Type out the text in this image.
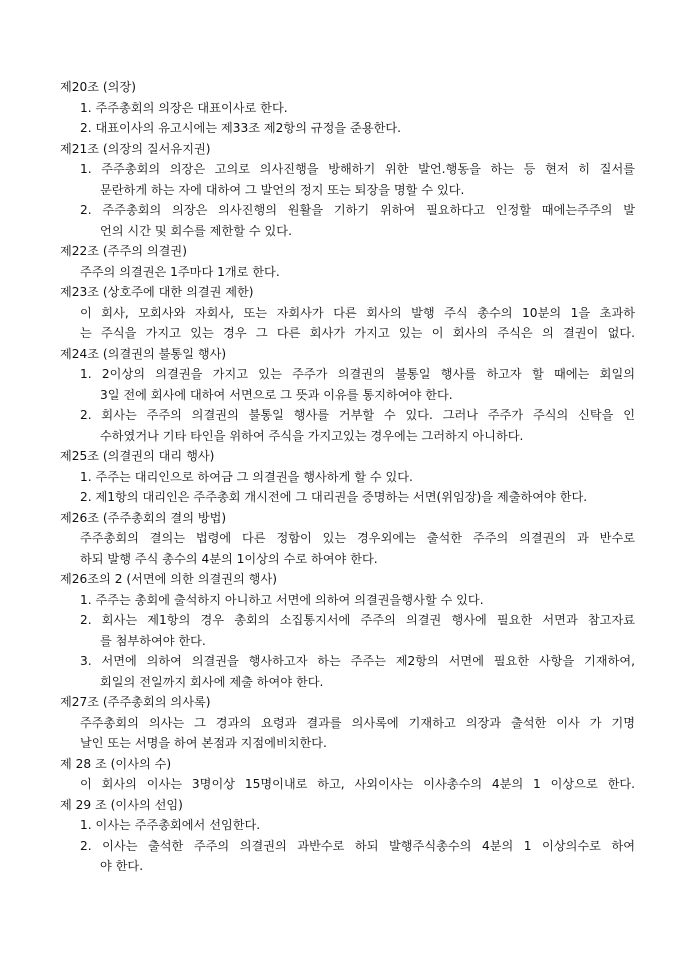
제20조 (의장)
1. 주주총회의 의장은 대표이사로 한다.
2. 대표이사의 유고시에는 제33조 제2항의 규정을 준용한다.
제21조 (의장의 질서유지권)
1. 주주총회의 의장은 고의로 의사진행을 방해하기 위한 발언.행동을 하는 등 현저 히 질서를
문란하게 하는 자에 대하여 그 발언의 정지 또는 퇴장을 명할 수 있다.
2. 주주총회의 의장은 의사진행의 원활을 기하기 위하여 필요하다고 인정할 때에는주주의 발
언의 시간 및 회수를 제한할 수 있다.
제22조 (주주의 의결권)
주주의 의결권은 1주마다 1개로 한다.
제23조 (상호주에 대한 의결권 제한)
이 회사, 모회사와 자회사, 또는 자회사가 다른 회사의 발행 주식 총수의 10분의 1을 초과하
는 주식을 가지고 있는 경우 그 다른 회사가 가지고 있는 이 회사의 주식은 의 결권이 없다.
제24조 (의결권의 불통일 행사)
1. 2이상의 의결권을 가지고 있는 주주가 의결권의 불통일 행사를 하고자 할 때에는 회일의
3일 전에 회사에 대하여 서면으로 그 뜻과 이유를 통지하여야 한다.
2. 회사는 주주의 의결권의 불통일 행사를 거부할 수 있다. 그러나 주주가 주식의 신탁을 인
수하였거나 기타 타인을 위하여 주식을 가지고있는 경우에는 그러하지 아니하다.
제25조 (의결권의 대리 행사)
1. 주주는 대리인으로 하여금 그 의결권을 행사하게 할 수 있다.
2. 제1항의 대리인은 주주총회 개시전에 그 대리권을 증명하는 서면(위임장)을 제출하여야 한다.
제26조 (주주총회의 결의 방법)
주주총회의 결의는 법령에 다른 정함이 있는 경우외에는 출석한 주주의 의결권의 과 반수로
하되 발행 주식 총수의 4분의 1이상의 수로 하여야 한다.
제26조의 2 (서면에 의한 의결권의 행사)
1. 주주는 총회에 출석하지 아니하고 서면에 의하여 의결권을행사할 수 있다.
2. 회사는 제1항의 경우 총회의 소집통지서에 주주의 의결권 행사에 필요한 서면과 참고자료
를 첨부하여야 한다.
3. 서면에 의하여 의결권을 행사하고자 하는 주주는 제2항의 서면에 필요한 사항을 기재하여,
회일의 전일까지 회사에 제출 하여야 한다.
제27조 (주주총회의 의사록)
주주총회의 의사는 그 경과의 요령과 결과를 의사록에 기재하고 의장과 출석한 이사 가 기명
날인 또는 서명을 하여 본점과 지점에비치한다.
제 28 조 (이사의 수)
이 회사의 이사는 3명이상 15명이내로 하고, 사외이사는 이사총수의 4분의 1 이상으로 한다.
제 29 조 (이사의 선임)
1. 이사는 주주총회에서 선임한다.
2. 이사는 출석한 주주의 의결권의 과반수로 하되 발행주식총수의 4분의 1 이상의수로 하여
야 한다.
